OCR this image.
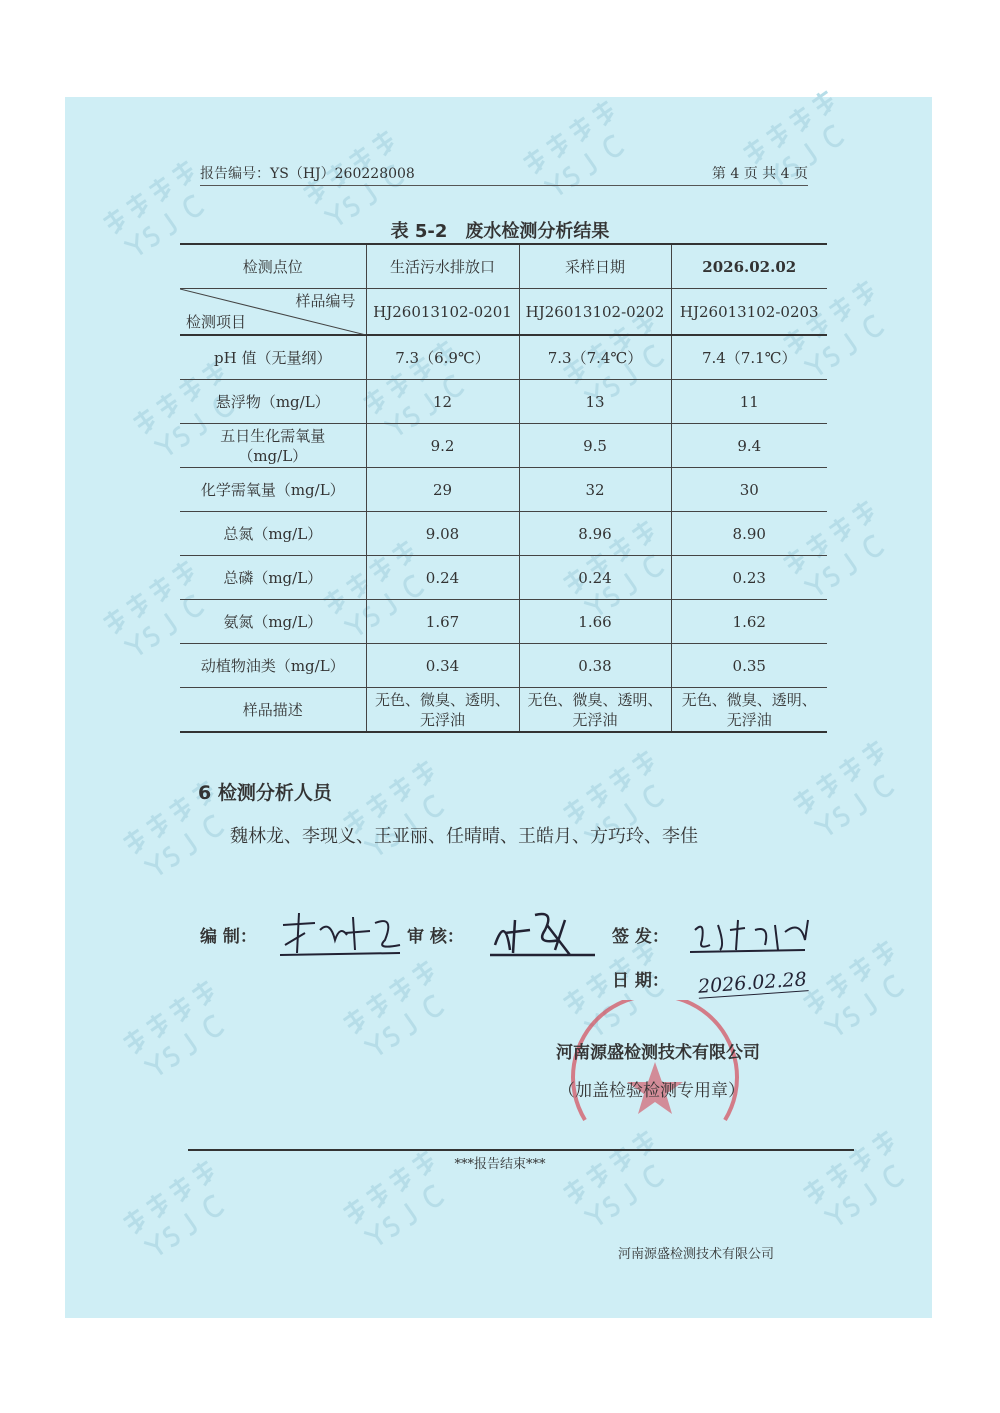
报告编号：YS（HJ）260228008	第 4 页 共 4 页
表 5-2　废水检测分析结果
检测点位	生活污水排放口	采样日期	2026.02.02

样品编号
检测项目	HJ26013102-0201	HJ26013102-0202	HJ26013102-0203
pH 值（无量纲）	7.3（6.9℃）	7.3（7.4℃）	7.4（7.1℃）
悬浮物（mg/L）	12	13	11
五日生化需氧量（mg/L）	9.2	9.5	9.4
化学需氧量（mg/L）	29	32	30
总氮（mg/L）	9.08	8.96	8.90
总磷（mg/L）	0.24	0.24	0.23
氨氮（mg/L）	1.67	1.66	1.62
动植物油类（mg/L）	0.34	0.38	0.35
样品描述	无色、微臭、透明、无浮油	无色、微臭、透明、无浮油	无色、微臭、透明、无浮油
6 检测分析人员
魏林龙、李现义、王亚丽、任晴晴、王皓月、方巧玲、李佳
编 制：	审 核：	签 发：
日 期： 2026.02.28
河南源盛检测技术有限公司
（加盖检验检测专用章）
***报告结束***
河南源盛检测技术有限公司
